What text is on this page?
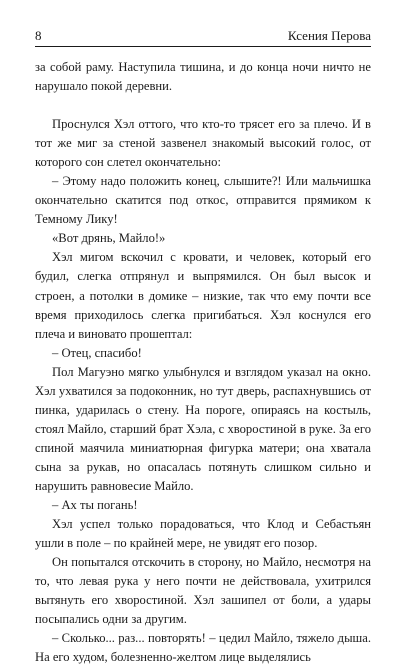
8	Ксения Перова

за собой раму. Наступила тишина, и до конца ночи ничто не нарушало покой деревни.

Проснулся Хэл оттого, что кто-то трясет его за плечо. И в тот же миг за стеной зазвенел знакомый высокий голос, от которого сон слетел окончательно:

– Этому надо положить конец, слышите?! Или мальчишка окончательно скатится под откос, отправится прямиком к Темному Лику!

«Вот дрянь, Майло!»

Хэл мигом вскочил с кровати, и человек, который его будил, слегка отпрянул и выпрямился. Он был высок и строен, а потолки в домике – низкие, так что ему почти все время приходилось слегка пригибаться. Хэл коснулся его плеча и виновато прошептал:

– Отец, спасибо!

Пол Магуэно мягко улыбнулся и взглядом указал на окно. Хэл ухватился за подоконник, но тут дверь, распахнувшись от пинка, ударилась о стену. На пороге, опираясь на костыль, стоял Майло, старший брат Хэла, с хворостиной в руке. За его спиной маячила миниатюрная фигурка матери; она хватала сына за рукав, но опасалась потянуть слишком сильно и нарушить равновесие Майло.

– Ах ты погань!

Хэл успел только порадоваться, что Клод и Себастьян ушли в поле – по крайней мере, не увидят его позор.

Он попытался отскочить в сторону, но Майло, несмотря на то, что левая рука у него почти не действовала, ухитрился вытянуть его хворостиной. Хэл зашипел от боли, а удары посыпались одни за другим.

– Сколько... раз... повторять! – цедил Майло, тяжело дыша. На его худом, болезненно-желтом лице выделялись
